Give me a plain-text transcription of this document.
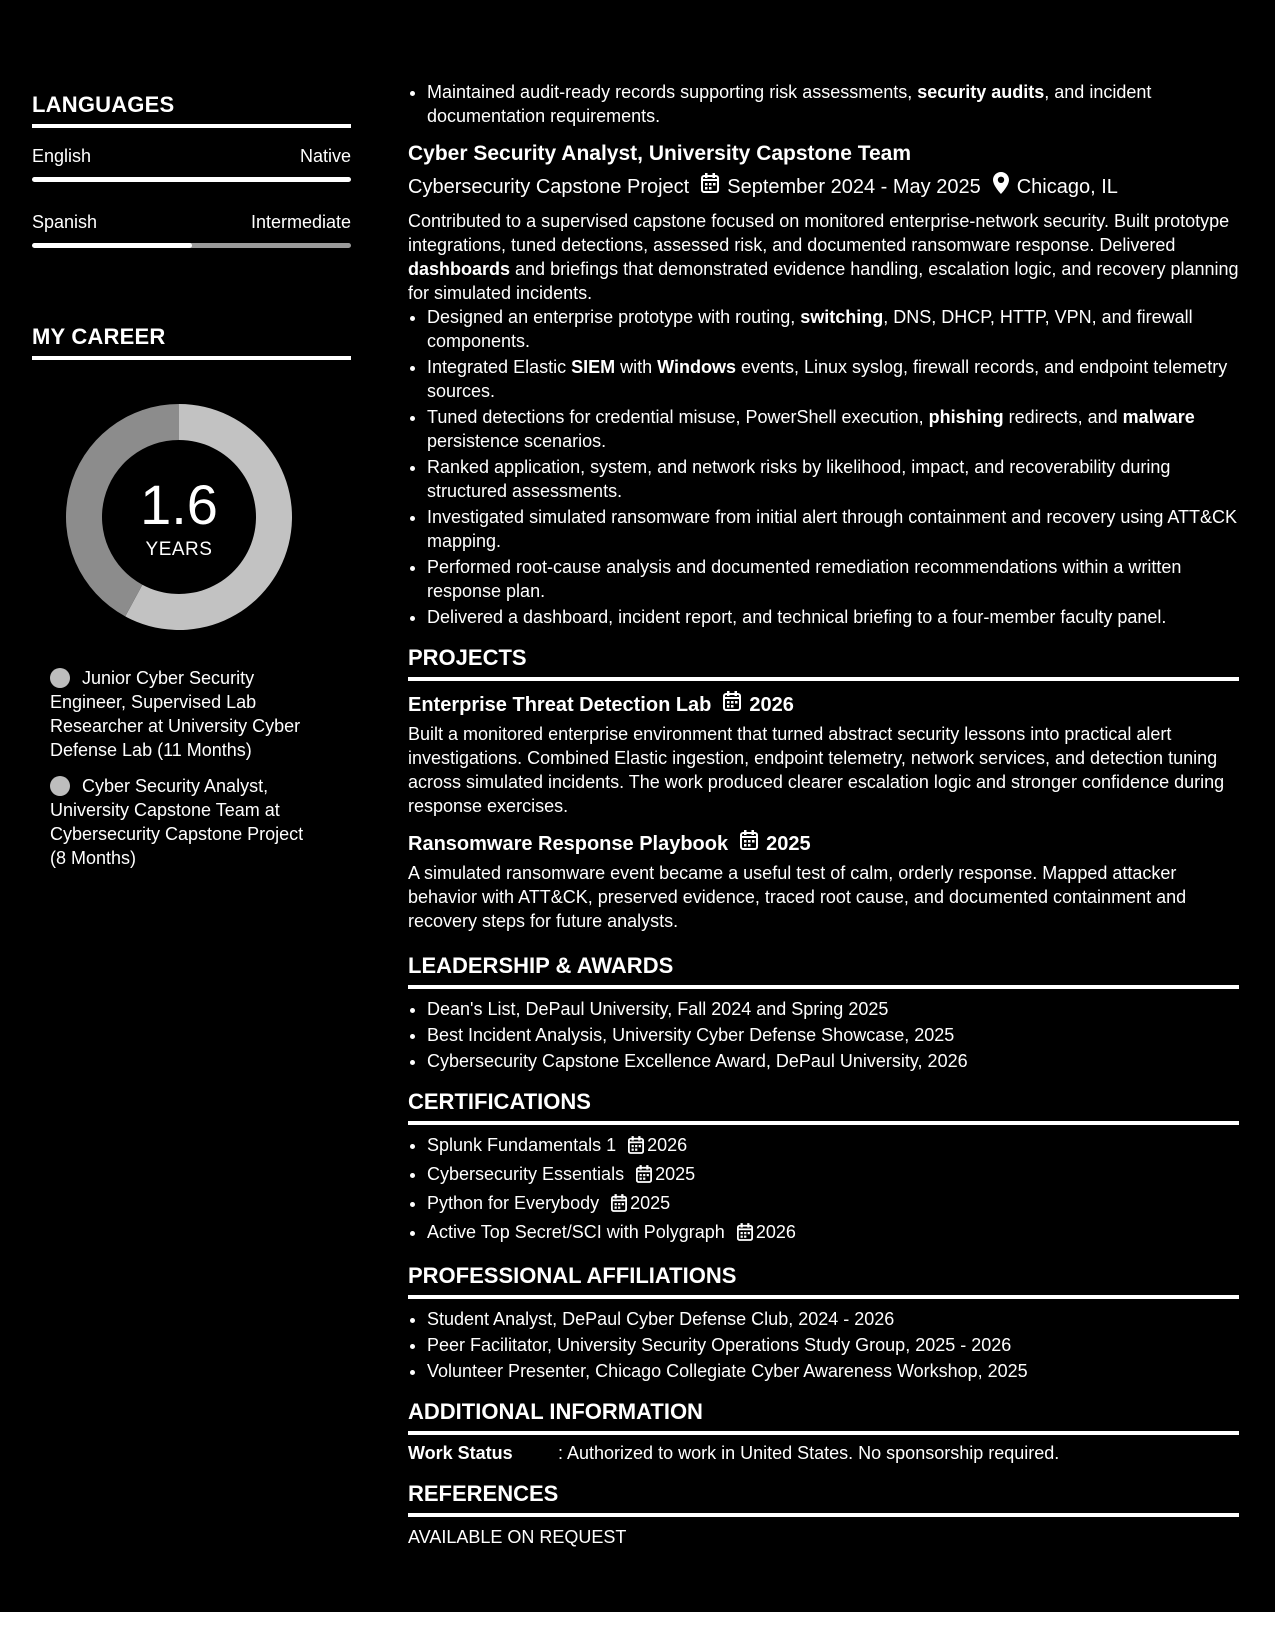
LANGUAGES
English	Native
Spanish	Intermediate
MY CAREER
1.6
YEARS
Junior Cyber Security Engineer, Supervised Lab Researcher at University Cyber Defense Lab (11 Months)
Cyber Security Analyst, University Capstone Team at Cybersecurity Capstone Project (8 Months)
• Maintained audit-ready records supporting risk assessments, security audits, and incident documentation requirements.
Cyber Security Analyst, University Capstone Team
Cybersecurity Capstone Project September 2024 - May 2025 Chicago, IL
Contributed to a supervised capstone focused on monitored enterprise-network security. Built prototype integrations, tuned detections, assessed risk, and documented ransomware response. Delivered dashboards and briefings that demonstrated evidence handling, escalation logic, and recovery planning for simulated incidents.
• Designed an enterprise prototype with routing, switching, DNS, DHCP, HTTP, VPN, and firewall components.
• Integrated Elastic SIEM with Windows events, Linux syslog, firewall records, and endpoint telemetry sources.
• Tuned detections for credential misuse, PowerShell execution, phishing redirects, and malware persistence scenarios.
• Ranked application, system, and network risks by likelihood, impact, and recoverability during structured assessments.
• Investigated simulated ransomware from initial alert through containment and recovery using ATT&CK mapping.
• Performed root-cause analysis and documented remediation recommendations within a written response plan.
• Delivered a dashboard, incident report, and technical briefing to a four-member faculty panel.
PROJECTS
Enterprise Threat Detection Lab 2026
Built a monitored enterprise environment that turned abstract security lessons into practical alert investigations. Combined Elastic ingestion, endpoint telemetry, network services, and detection tuning across simulated incidents. The work produced clearer escalation logic and stronger confidence during response exercises.
Ransomware Response Playbook 2025
A simulated ransomware event became a useful test of calm, orderly response. Mapped attacker behavior with ATT&CK, preserved evidence, traced root cause, and documented containment and recovery steps for future analysts.
LEADERSHIP & AWARDS
• Dean's List, DePaul University, Fall 2024 and Spring 2025
• Best Incident Analysis, University Cyber Defense Showcase, 2025
• Cybersecurity Capstone Excellence Award, DePaul University, 2026
CERTIFICATIONS
• Splunk Fundamentals 1 2026
• Cybersecurity Essentials 2025
• Python for Everybody 2025
• Active Top Secret/SCI with Polygraph 2026
PROFESSIONAL AFFILIATIONS
• Student Analyst, DePaul Cyber Defense Club, 2024 - 2026
• Peer Facilitator, University Security Operations Study Group, 2025 - 2026
• Volunteer Presenter, Chicago Collegiate Cyber Awareness Workshop, 2025
ADDITIONAL INFORMATION
Work Status	: Authorized to work in United States. No sponsorship required.
REFERENCES
AVAILABLE ON REQUEST
